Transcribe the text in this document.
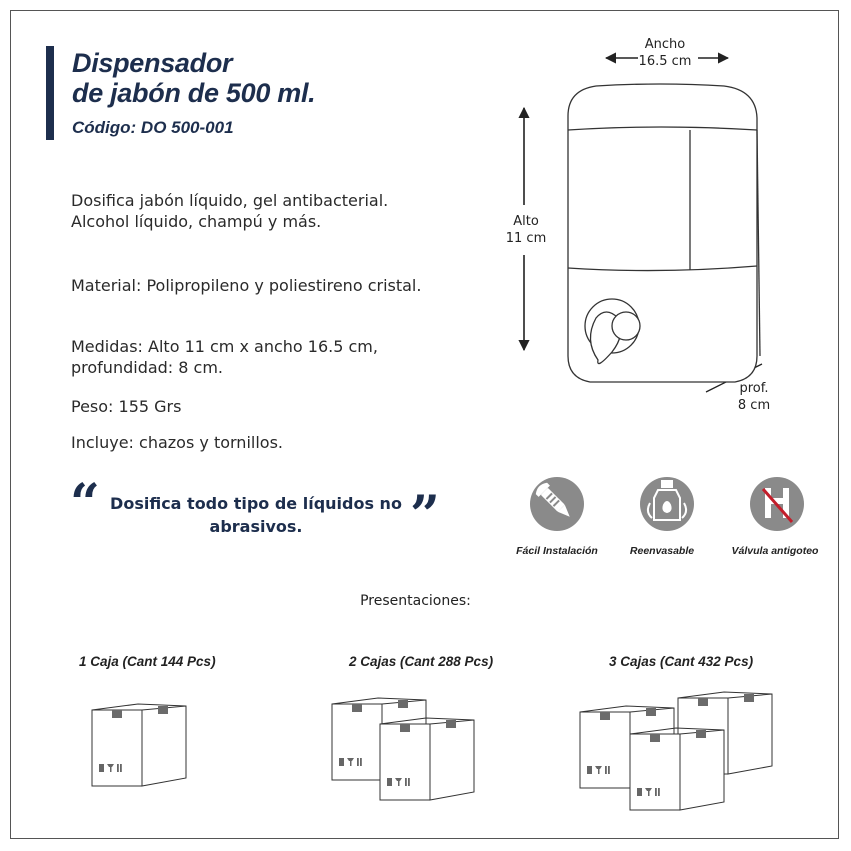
Dispensador
de jabón de 500 ml.
Código: DO 500-001

Dosifica jabón líquido, gel antibacterial. Alcohol líquido, champú y más.

Material: Polipropileno y poliestireno cristal.

Medidas: Alto 11 cm x ancho 16.5 cm, profundidad: 8 cm.

Peso: 155 Grs

Incluye: chazos y tornillos.

“ Dosifica todo tipo de líquidos no abrasivos.	”
Ancho
16.5 cm
Alto
11 cm
prof.
8 cm
Fácil Instalación	Reenvasable	Válvula antigoteo
Presentaciones:
1 Caja (Cant 144 Pcs)	2 Cajas (Cant 288 Pcs)	3 Cajas (Cant 432 Pcs)
